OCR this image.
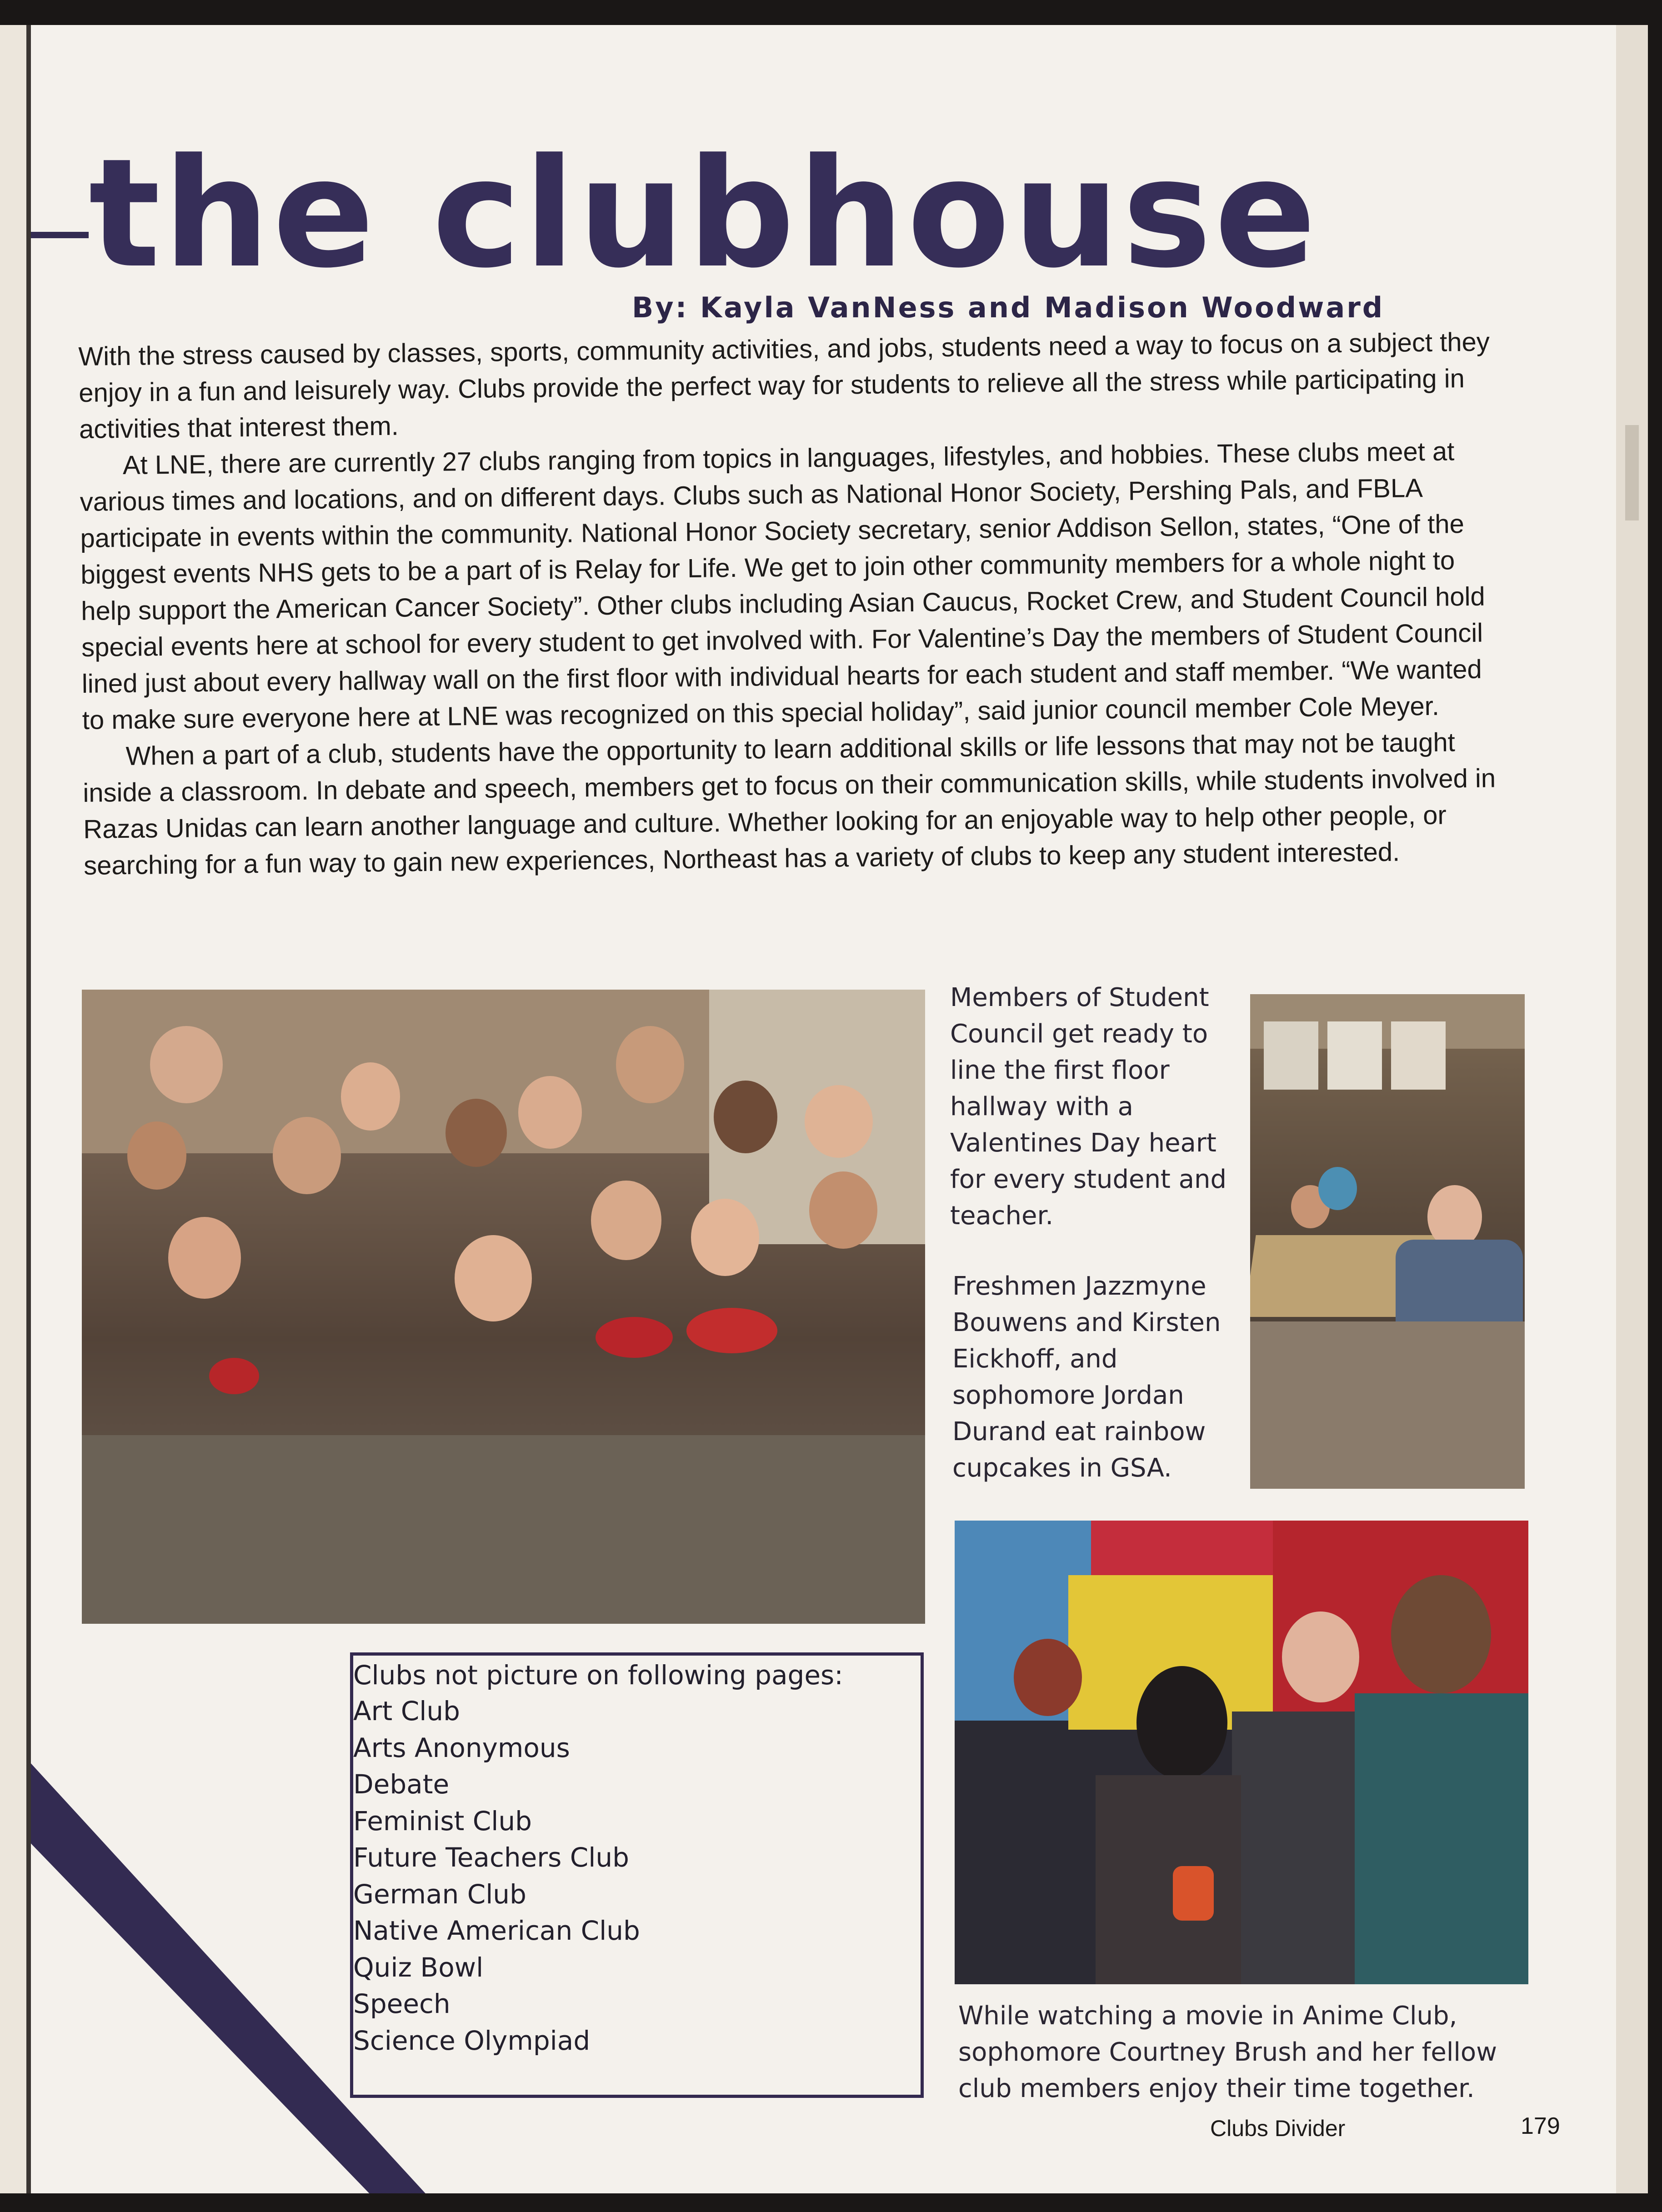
the clubhouse
By: Kayla VanNess and Madison Woodward

With the stress caused by classes, sports, community activities, and jobs, students need a way to focus on a subject they enjoy in a fun and leisurely way. Clubs provide the perfect way for students to relieve all the stress while participating in activities that interest them.

At LNE, there are currently 27 clubs ranging from topics in languages, lifestyles, and hobbies. These clubs meet at various times and locations, and on different days. Clubs such as National Honor Society, Pershing Pals, and FBLA participate in events within the community. National Honor Society secretary, senior Addison Sellon, states, “One of the biggest events NHS gets to be a part of is Relay for Life. We get to join other community members for a whole night to help support the American Cancer Society”. Other clubs including Asian Caucus, Rocket Crew, and Student Council hold special events here at school for every student to get involved with. For Valentine’s Day the members of Student Council lined just about every hallway wall on the first floor with individual hearts for each student and staff member. “We wanted to make sure everyone here at LNE was recognized on this special holiday”, said junior council member Cole Meyer.

When a part of a club, students have the opportunity to learn additional skills or life lessons that may not be taught inside a classroom. In debate and speech, members get to focus on their communication skills, while students involved in Razas Unidas can learn another language and culture. Whether looking for an enjoyable way to help other people, or searching for a fun way to gain new experiences, Northeast has a variety of clubs to keep any student interested.

Members of Student Council get ready to line the first floor hallway with a Valentines Day heart for every student and teacher.

Freshmen Jazzmyne Bouwens and Kirsten Eickhoff, and sophomore Jordan Durand eat rainbow cupcakes in GSA.

While watching a movie in Anime Club, sophomore Courtney Brush and her fellow club members enjoy their time together.

Clubs not picture on following pages:
Art Club
Arts Anonymous
Debate
Feminist Club
Future Teachers Club
German Club
Native American Club
Quiz Bowl
Speech
Science Olympiad
Clubs Divider	179
